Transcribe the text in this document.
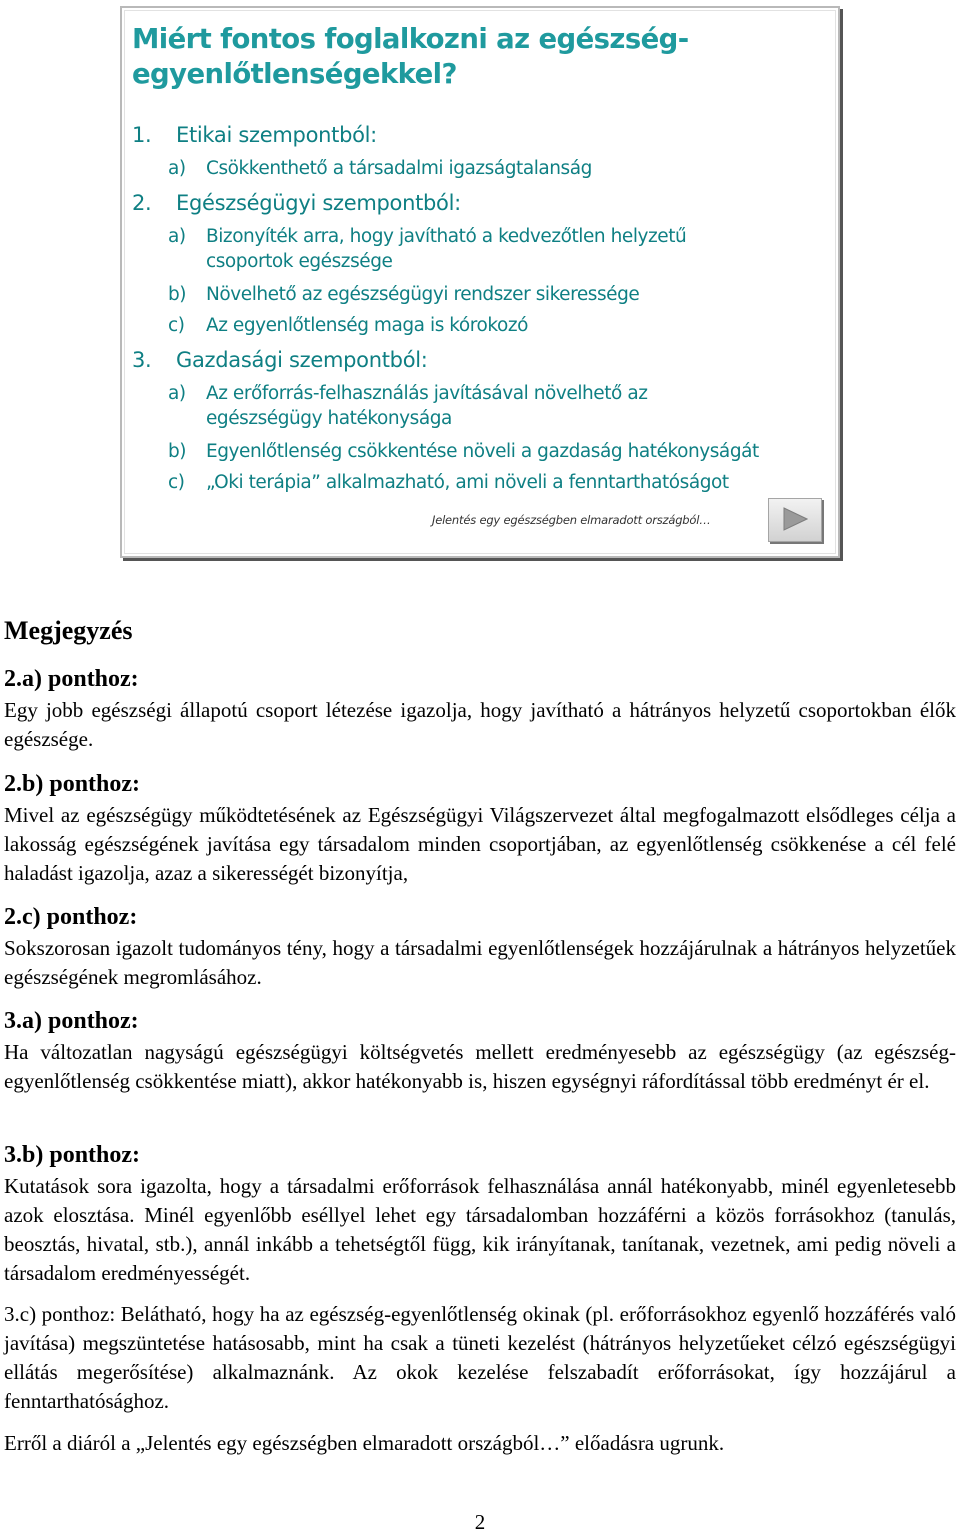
Miért fontos foglalkozni az egészség-
egyenlőtlenségekkel?
1. Etikai szempontból:
a) Csökkenthető a társadalmi igazságtalanság
2. Egészségügyi szempontból:
a) Bizonyíték arra, hogy javítható a kedvezőtlen helyzetű
csoportok egészsége
b) Növelhető az egészségügyi rendszer sikeressége
c) Az egyenlőtlenség maga is kórokozó
3. Gazdasági szempontból:
a) Az erőforrás-felhasználás javításával növelhető az
egészségügy hatékonysága
b) Egyenlőtlenség csökkentése növeli a gazdaság hatékonyságát
c) „Oki terápia” alkalmazható, ami növeli a fenntarthatóságot
Jelentés egy egészségben elmaradott országból…
Megjegyzés
2.a) ponthoz:

Egy jobb egészségi állapotú csoport létezése igazolja, hogy javítható a hátrányos helyzetű csoportokban élők egészsége.

2.b) ponthoz:

Mivel az egészségügy működtetésének az Egészségügyi Világszervezet által megfogalmazott elsődleges célja a lakosság egészségének javítása egy társadalom minden csoportjában, az egyenlőtlenség csökkenése a cél felé haladást igazolja, azaz a sikerességét bizonyítja,

2.c) ponthoz:

Sokszorosan igazolt tudományos tény, hogy a társadalmi egyenlőtlenségek hozzájárulnak a hátrányos helyzetűek egészségének megromlásához.

3.a) ponthoz:

Ha változatlan nagyságú egészségügyi költségvetés mellett eredményesebb az egészségügy (az egészség-egyenlőtlenség csökkentése miatt), akkor hatékonyabb is, hiszen egységnyi ráfordítással több eredményt ér el.

3.b) ponthoz:

Kutatások sora igazolta, hogy a társadalmi erőforrások felhasználása annál hatékonyabb, minél egyenletesebb azok elosztása. Minél egyenlőbb eséllyel lehet egy társadalomban hozzáférni a közös forrásokhoz (tanulás, beosztás, hivatal, stb.), annál inkább a tehetségtől függ, kik irányítanak, tanítanak, vezetnek, ami pedig növeli a társadalom eredményességét.

3.c) ponthoz: Belátható, hogy ha az egészség-egyenlőtlenség okinak (pl. erőforrásokhoz egyenlő hozzáférés való javítása) megszüntetése hatásosabb, mint ha csak a tüneti kezelést (hátrányos helyzetűeket célzó egészségügyi ellátás megerősítése) alkalmaznánk. Az okok kezelése felszabadít erőforrásokat, így hozzájárul a fenntarthatósághoz.

Erről a diáról a „Jelentés egy egészségben elmaradott országból…” előadásra ugrunk.

2
